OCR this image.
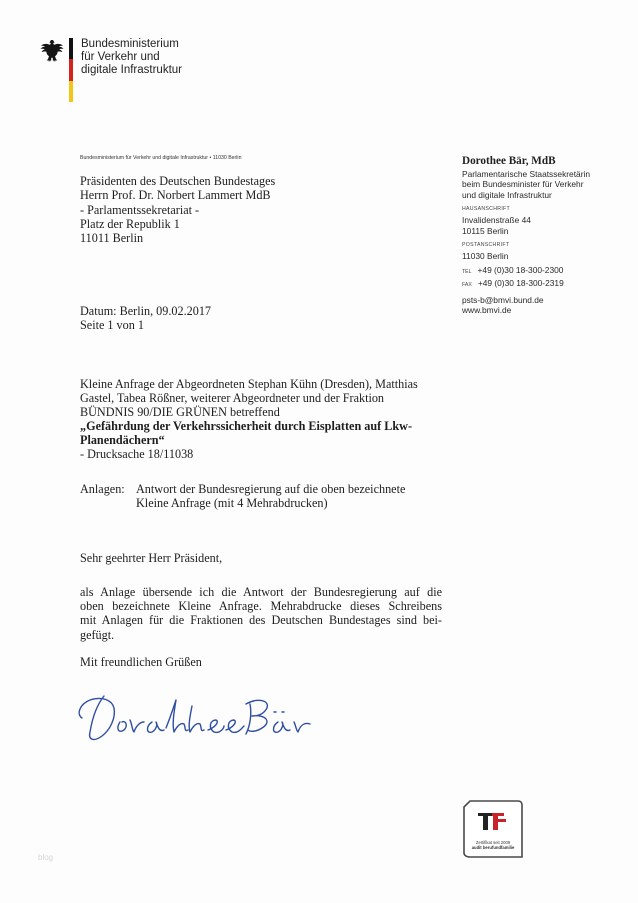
Bundesministerium
für Verkehr und
digitale Infrastruktur
Bundesministerium für Verkehr und digitale Infrastruktur • 11030 Berlin
Präsidenten des Deutschen Bundestages
Herrn Prof. Dr. Norbert Lammert MdB
- Parlamentssekretariat -
Platz der Republik 1
11011 Berlin
Dorothee Bär, MdB
Parlamentarische Staatssekretärin
beim Bundesminister für Verkehr
und digitale Infrastruktur
HAUSANSCHRIFT
Invalidenstraße 44
10115 Berlin
POSTANSCHRIFT
11030 Berlin
TEL +49 (0)30 18-300-2300
FAX +49 (0)30 18-300-2319
psts-b@bmvi.bund.de
www.bmvi.de
Datum: Berlin, 09.02.2017
Seite 1 von 1
Kleine Anfrage der Abgeordneten Stephan Kühn (Dresden), Matthias
Gastel, Tabea Rößner, weiterer Abgeordneter und der Fraktion
BÜNDNIS 90/DIE GRÜNEN betreffend
„Gefährdung der Verkehrssicherheit durch Eisplatten auf Lkw-
Planendächern“
- Drucksache 18/11038
Anlagen: Antwort der Bundesregierung auf die oben bezeichnete
Kleine Anfrage (mit 4 Mehrabdrucken)
Sehr geehrter Herr Präsident,
als Anlage übersende ich die Antwort der Bundesregierung auf die
oben bezeichnete Kleine Anfrage. Mehrabdrucke dieses Schreibens
mit Anlagen für die Fraktionen des Deutschen Bundestages sind bei-
gefügt.
Mit freundlichen Grüßen
Zertifikat seit 2009
audit berufundfamilie
blog
